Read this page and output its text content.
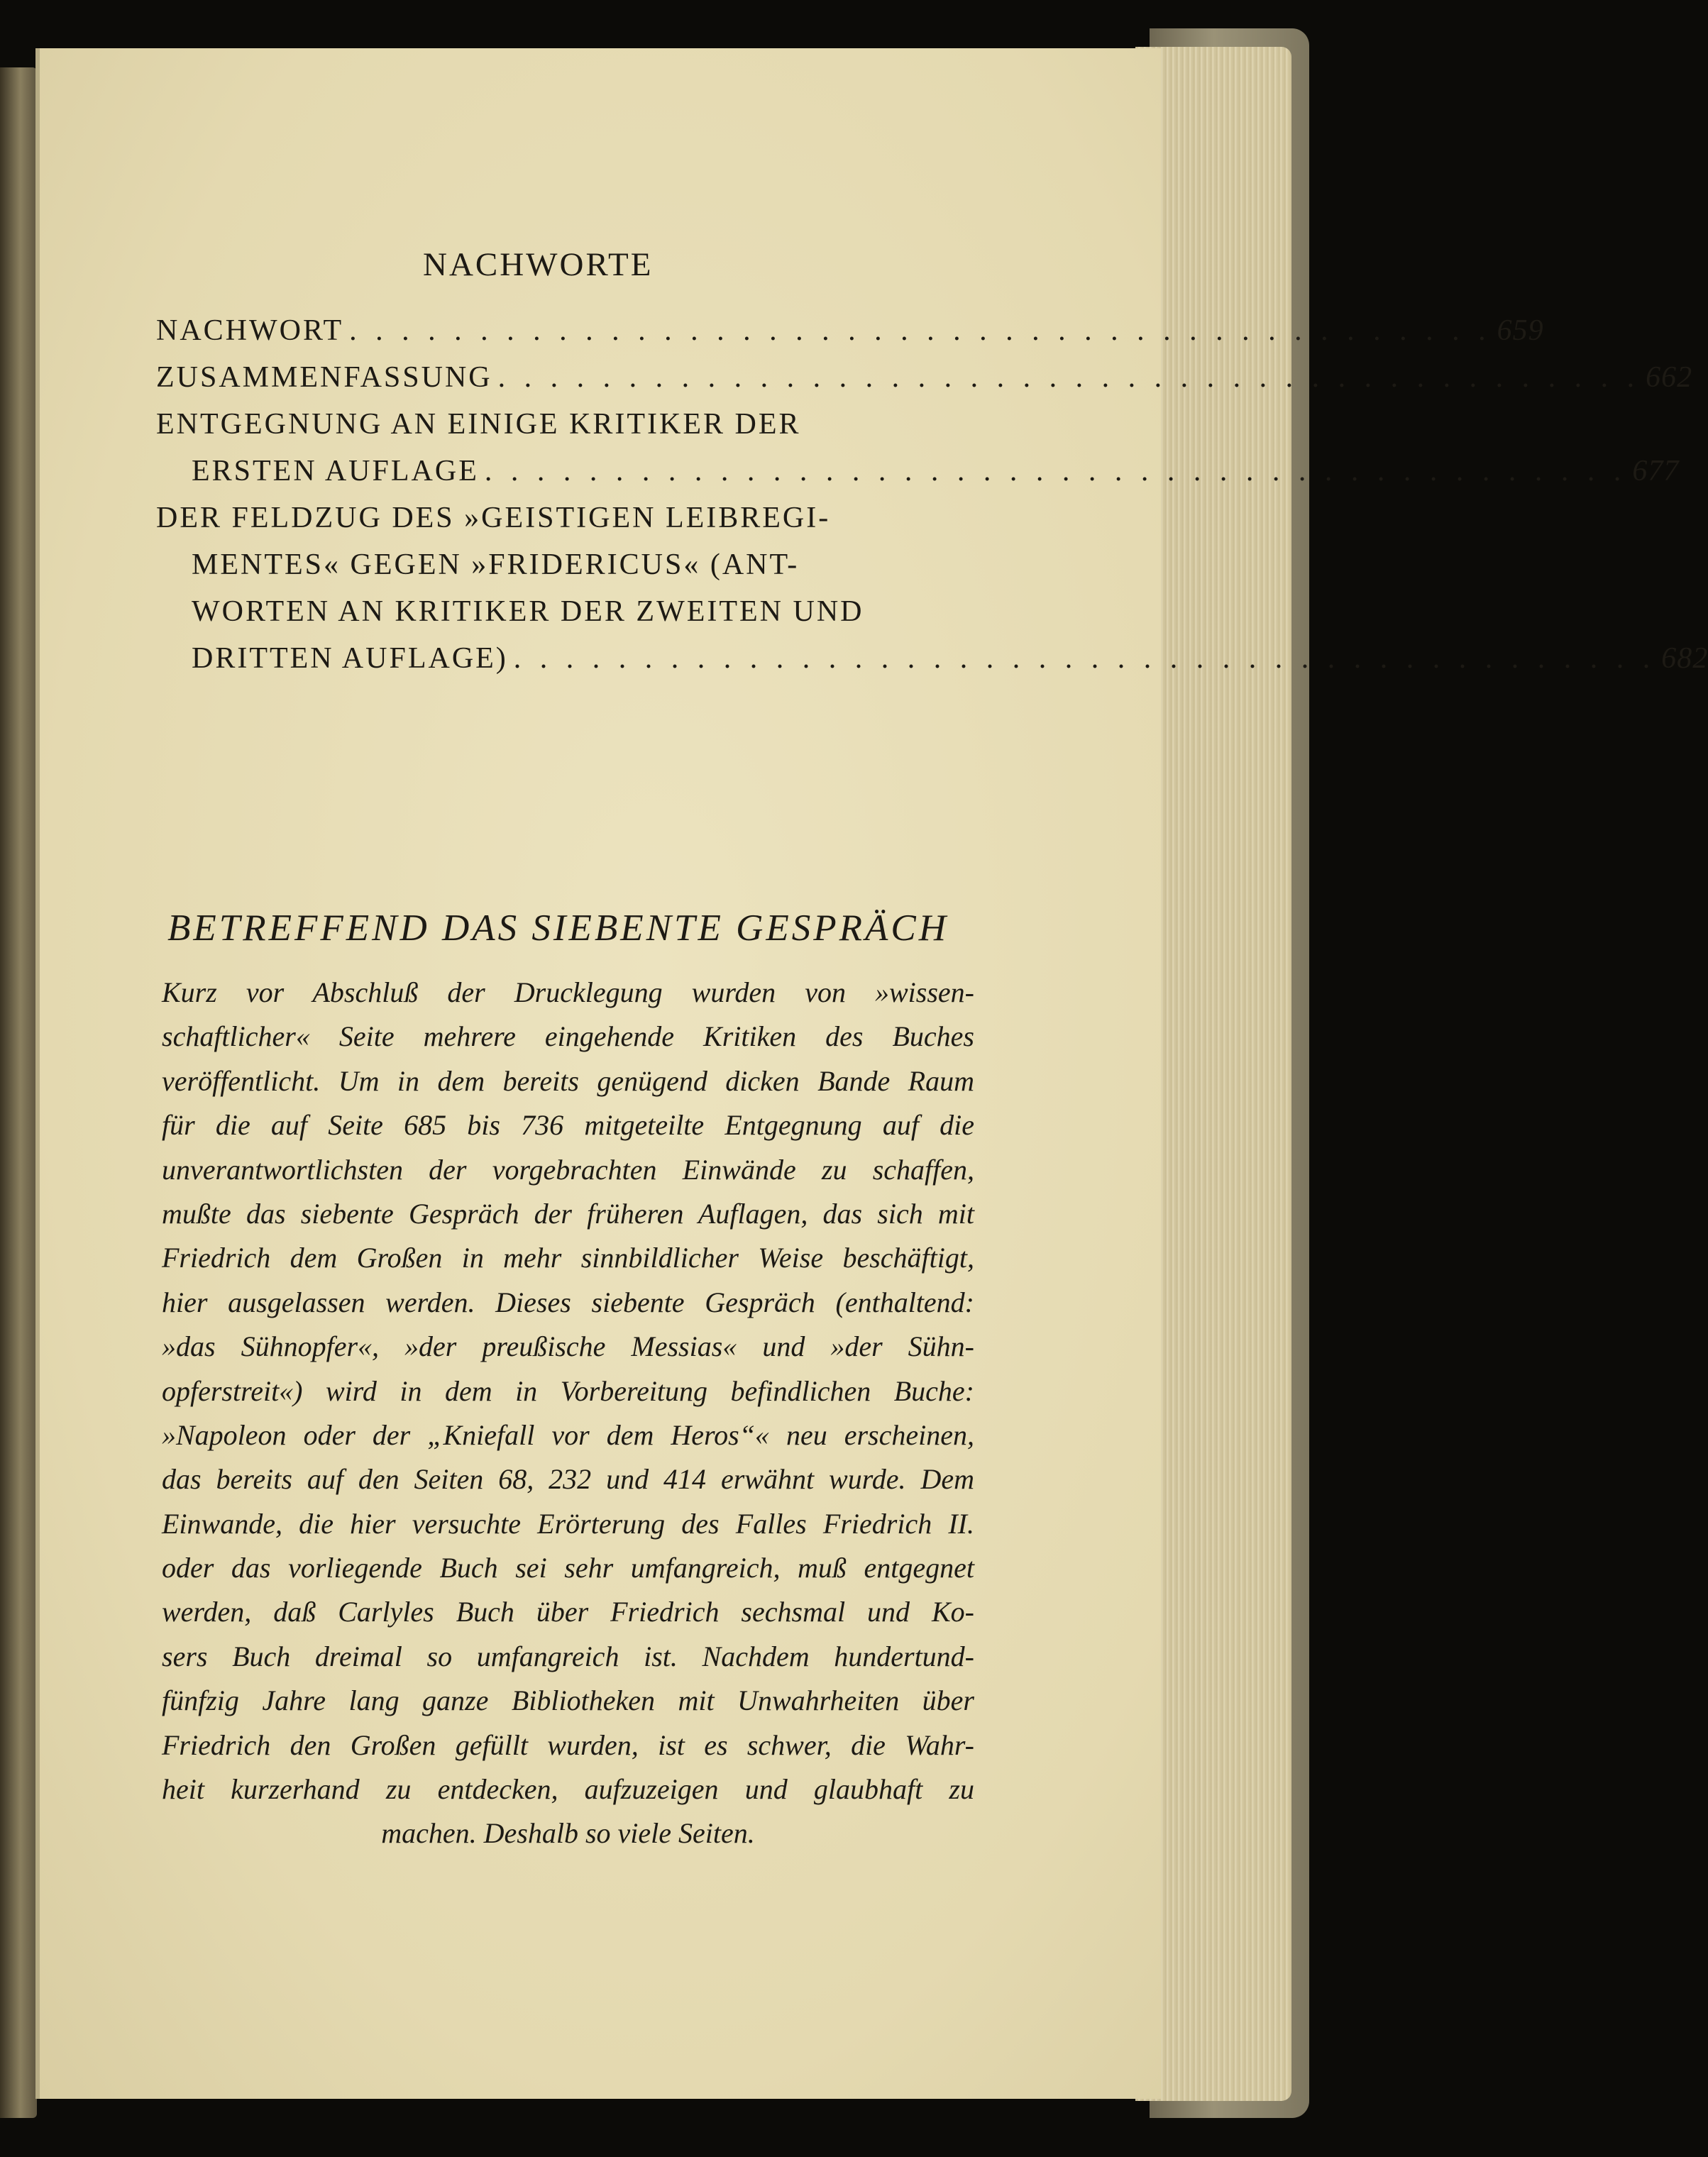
NACHWORTE
NACHWORT . . .	659
ZUSAMMENFASSUNG . . .	662
ENTGEGNUNG AN EINIGE KRITIKER DER
ERSTEN AUFLAGE . . .	677
DER FELDZUG DES »GEISTIGEN LEIBREGI-
MENTES« GEGEN »FRIDERICUS« (ANT-
WORTEN AN KRITIKER DER ZWEITEN UND
DRITTEN AUFLAGE) . . .	682
BETREFFEND DAS SIEBENTE GESPRÄCH
Kurz vor Abschluß der Drucklegung wurden von »wissen-
schaftlicher« Seite mehrere eingehende Kritiken des Buches
veröffentlicht. Um in dem bereits genügend dicken Bande Raum
für die auf Seite 685 bis 736 mitgeteilte Entgegnung auf die
unverantwortlichsten der vorgebrachten Einwände zu schaffen,
mußte das siebente Gespräch der früheren Auflagen, das sich mit
Friedrich dem Großen in mehr sinnbildlicher Weise beschäftigt,
hier ausgelassen werden. Dieses siebente Gespräch (enthaltend:
»das Sühnopfer«, »der preußische Messias« und »der Sühn-
opferstreit«) wird in dem in Vorbereitung befindlichen Buche:
»Napoleon oder der „Kniefall vor dem Heros“« neu erscheinen,
das bereits auf den Seiten 68, 232 und 414 erwähnt wurde. Dem
Einwande, die hier versuchte Erörterung des Falles Friedrich II.
oder das vorliegende Buch sei sehr umfangreich, muß entgegnet
werden, daß Carlyles Buch über Friedrich sechsmal und Ko-
sers Buch dreimal so umfangreich ist. Nachdem hundertund-
fünfzig Jahre lang ganze Bibliotheken mit Unwahrheiten über
Friedrich den Großen gefüllt wurden, ist es schwer, die Wahr-
heit kurzerhand zu entdecken, aufzuzeigen und glaubhaft zu
machen. Deshalb so viele Seiten.
